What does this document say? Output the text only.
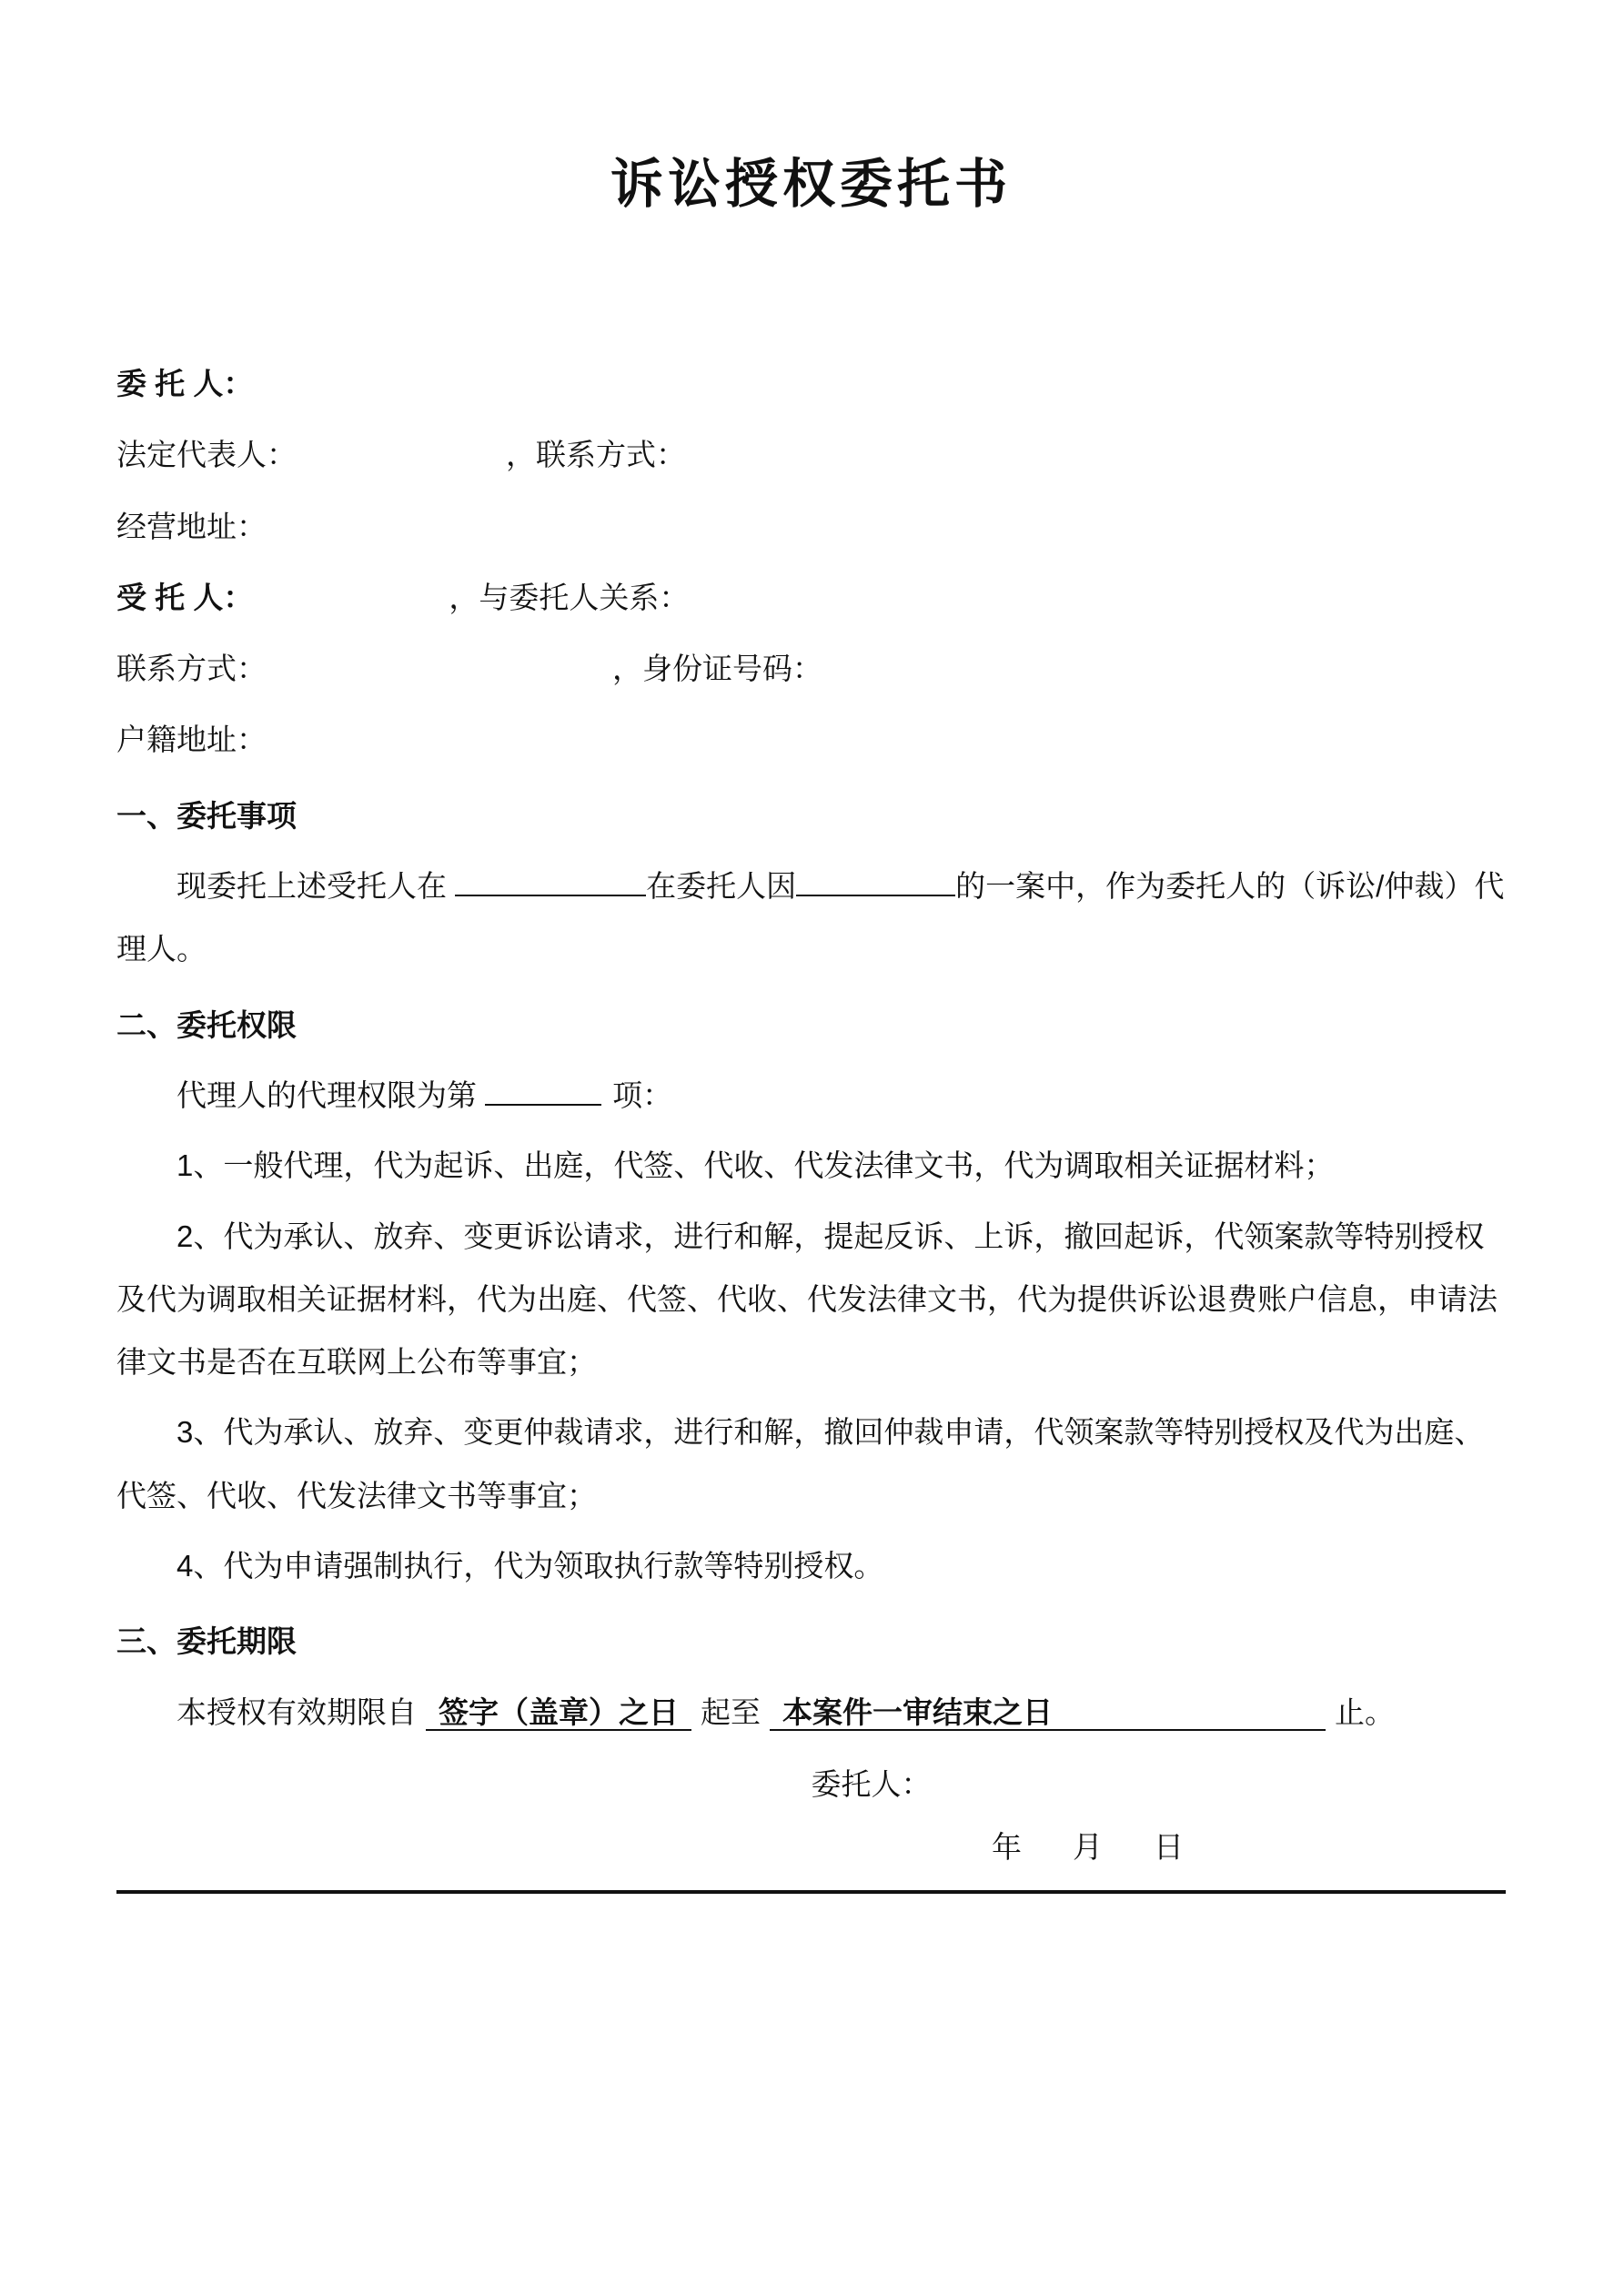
诉讼授权委托书

委 托 人：

法定代表人：	，联系方式：

经营地址：

受 托 人：	，与委托人关系：

联系方式：	，身份证号码：

户籍地址：

一、委托事项

现委托上述受托人在	在委托人因	的一案中，作为委托人的（诉讼/仲裁）代理人。

二、委托权限

代理人的代理权限为第	项：

1、一般代理，代为起诉、出庭，代签、代收、代发法律文书，代为调取相关证据材料；

2、代为承认、放弃、变更诉讼请求，进行和解，提起反诉、上诉，撤回起诉，代领案款等特别授权及代为调取相关证据材料，代为出庭、代签、代收、代发法律文书，代为提供诉讼退费账户信息，申请法律文书是否在互联网上公布等事宜；

3、代为承认、放弃、变更仲裁请求，进行和解，撤回仲裁申请，代领案款等特别授权及代为出庭、代签、代收、代发法律文书等事宜；

4、代为申请强制执行，代为领取执行款等特别授权。

三、委托期限

本授权有效期限自 签字（盖章）之日 起至 本案件一审结束之日	止。

委托人：

年 月 日
